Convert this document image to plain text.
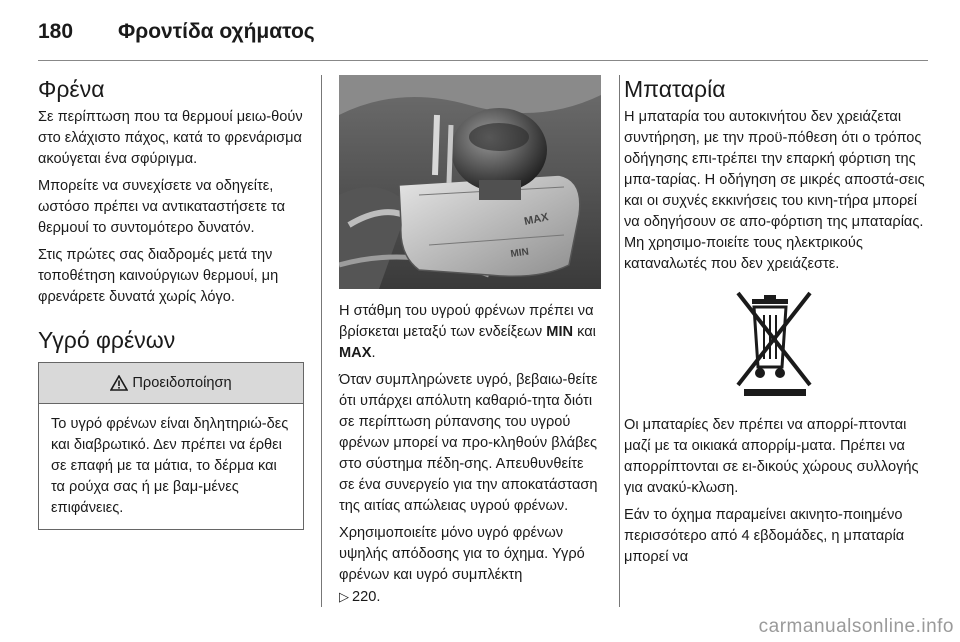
180 Φροντίδα οχήματος
Φρένα

Σε περίπτωση που τα θερμουί μειω-θούν στο ελάχιστο πάχος, κατά το φρενάρισμα ακούγεται ένα σφύριγμα.

Μπορείτε να συνεχίσετε να οδηγείτε, ωστόσο πρέπει να αντικαταστήσετε τα θερμουί το συντομότερο δυνατόν.

Στις πρώτες σας διαδρομές μετά την τοποθέτηση καινούργιων θερμουί, μη φρενάρετε δυνατά χωρίς λόγο.

Υγρό φρένων
Προειδοποίηση
Το υγρό φρένων είναι δηλητηριώ-δες και διαβρωτικό. Δεν πρέπει να έρθει σε επαφή με τα μάτια, το δέρμα και τα ρούχα σας ή με βαμ-μένες επιφάνειες.
MAX
MIN

Η στάθμη του υγρού φρένων πρέπει να βρίσκεται μεταξύ των ενδείξεων MIN και MAX.

Όταν συμπληρώνετε υγρό, βεβαιω-θείτε ότι υπάρχει απόλυτη καθαριό-τητα διότι σε περίπτωση ρύπανσης του υγρού φρένων μπορεί να προ-κληθούν βλάβες στο σύστημα πέδη-σης. Απευθυνθείτε σε ένα συνεργείο για την αποκατάσταση της αιτίας απώλειας υγρού φρένων.

Χρησιμοποιείτε μόνο υγρό φρένων υψηλής απόδοσης για το όχημα. Υγρό φρένων και υγρό συμπλέκτη
▷ 220.

Μπαταρία

Η μπαταρία του αυτοκινήτου δεν χρειάζεται συντήρηση, με την προϋ-πόθεση ότι ο τρόπος οδήγησης επι-τρέπει την επαρκή φόρτιση της μπα-ταρίας. Η οδήγηση σε μικρές αποστά-σεις και οι συχνές εκκινήσεις του κινη-τήρα μπορεί να οδηγήσουν σε απο-φόρτιση της μπαταρίας. Μη χρησιμο-ποιείτε τους ηλεκτρικούς καταναλωτές που δεν χρειάζεστε.

Οι μπαταρίες δεν πρέπει να απορρί-πτονται μαζί με τα οικιακά απορρίμ-ματα. Πρέπει να απορρίπτονται σε ει-δικούς χώρους συλλογής για ανακύ-κλωση.

Εάν το όχημα παραμείνει ακινητο-ποιημένο περισσότερο από 4 εβδομάδες, η μπαταρία μπορεί να

carmanualsonline.info
